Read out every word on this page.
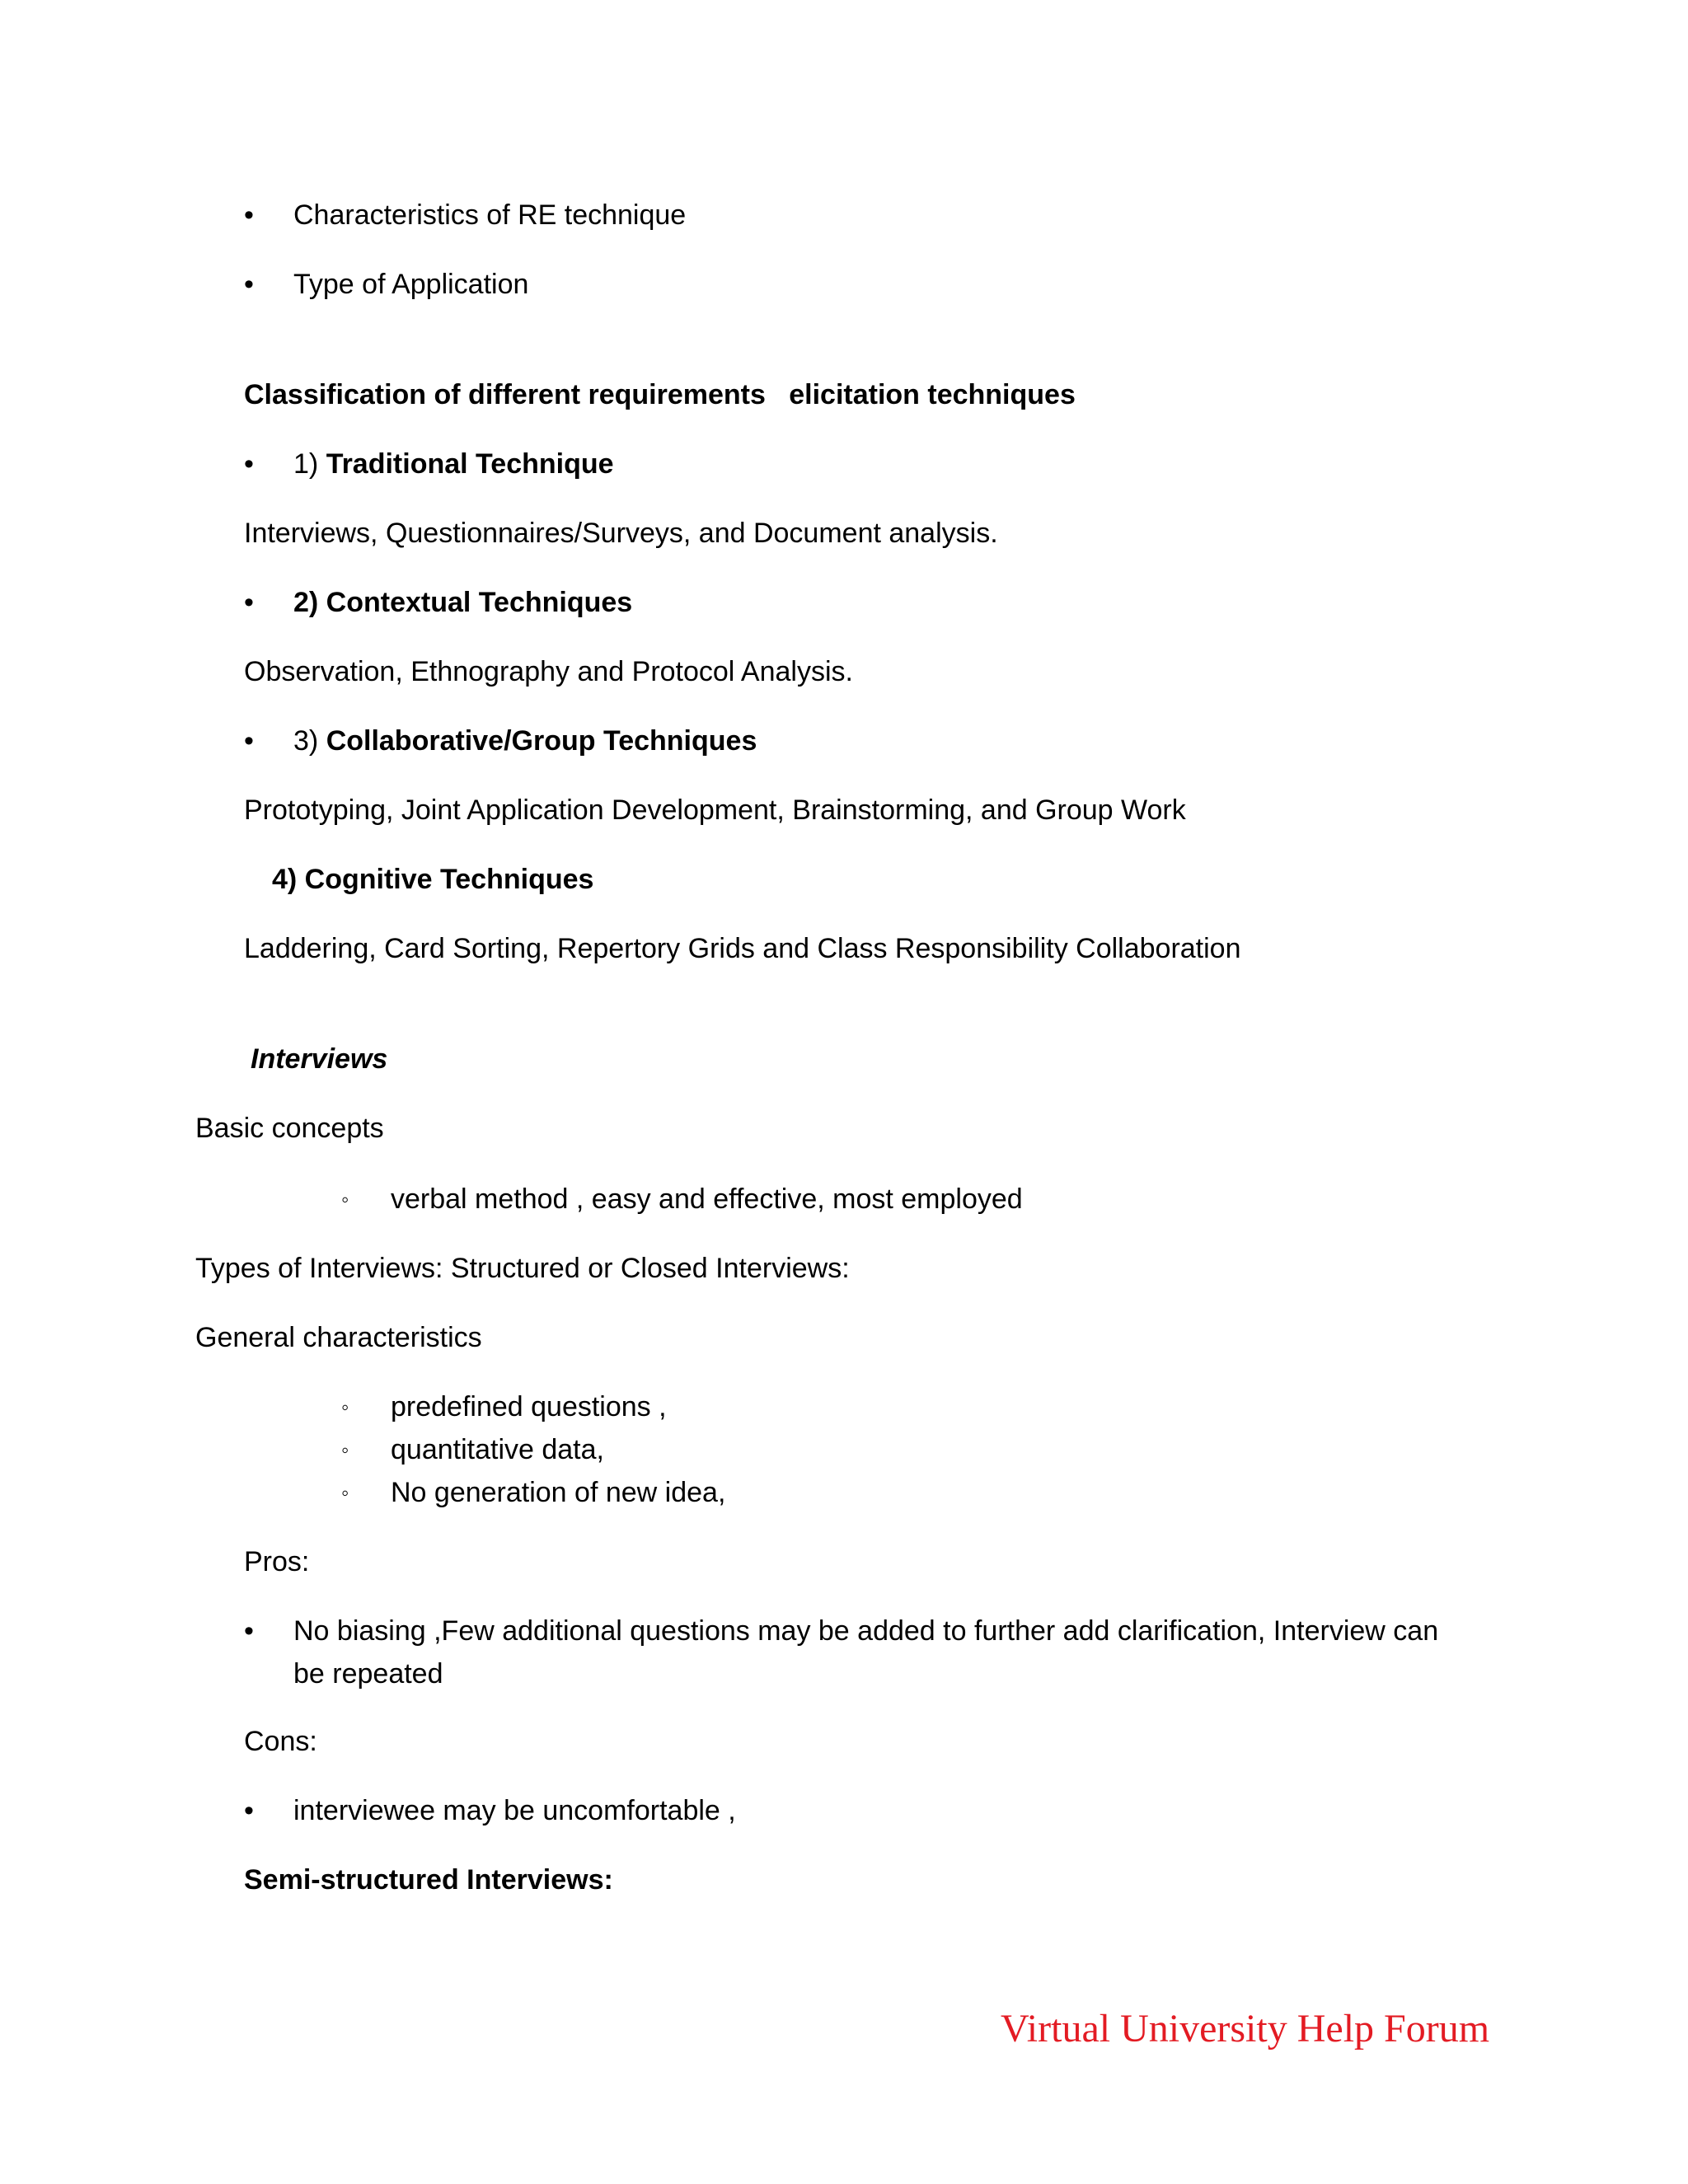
• Characteristics of RE technique
• Type of Application
Classification of different requirements   elicitation techniques
• 1) Traditional Technique
Interviews, Questionnaires/Surveys, and Document analysis.
• 2) Contextual Techniques
Observation, Ethnography and Protocol Analysis.
• 3) Collaborative/Group Techniques
Prototyping, Joint Application Development, Brainstorming, and Group Work
4) Cognitive Techniques
Laddering, Card Sorting, Repertory Grids and Class Responsibility Collaboration
Interviews
Basic concepts
◦ verbal method , easy and effective, most employed
Types of Interviews: Structured or Closed Interviews:
General characteristics
◦ predefined questions ,
◦ quantitative data,
◦ No generation of new idea,
Pros:
• No biasing ,Few additional questions may be added to further add clarification, Interview can be repeated
Cons:
• interviewee may be uncomfortable ,
Semi-structured Interviews:
Virtual University Help Forum
